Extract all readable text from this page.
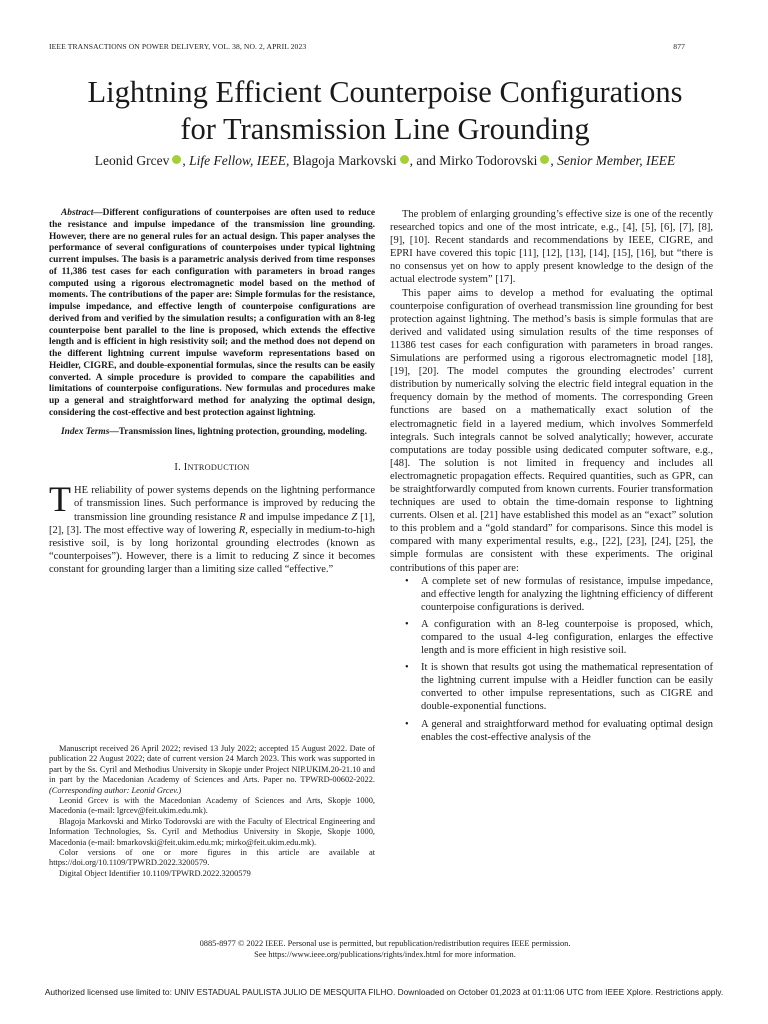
IEEE TRANSACTIONS ON POWER DELIVERY, VOL. 38, NO. 2, APRIL 2023	877
Lightning Efficient Counterpoise Configurations
for Transmission Line Grounding
Leonid Grcev , Life Fellow, IEEE, Blagoja Markovski , and Mirko Todorovski , Senior Member, IEEE

Abstract—Different configurations of counterpoises are often used to reduce the resistance and impulse impedance of the transmission line grounding. However, there are no general rules for an actual design. This paper analyses the performance of several configurations of counterpoises under typical lightning current impulses. The basis is a parametric analysis derived from time responses of 11,386 test cases for each configuration with parameters in broad ranges computed using a rigorous electromagnetic model based on the method of moments. The contributions of the paper are: Simple formulas for the resistance, impulse impedance, and effective length of counterpoise configurations are derived from and verified by the simulation results; a configuration with an 8-leg counterpoise bent parallel to the line is proposed, which extends the effective length and is efficient in high resistivity soil; and the method does not depend on the different lightning current impulse waveform representations based on Heidler, CIGRE, and double-exponential formulas, since the results can be easily converted. A simple procedure is provided to compare the capabilities and limitations of counterpoise configurations. New formulas and procedures make up a general and straightforward method for analyzing the optimal design, considering the cost-effective and best protection against lightning.

Index Terms—Transmission lines, lightning protection, grounding, modeling.

I. INTRODUCTION

THE reliability of power systems depends on the lightning performance of transmission lines. Such performance is improved by reducing the transmission line grounding resistance R and impulse impedance Z [1], [2], [3]. The most effective way of lowering R, especially in medium-to-high resistive soil, is by long horizontal grounding electrodes (known as “counterpoises”). However, there is a limit to reducing Z since it becomes constant for grounding larger than a limiting size called “effective.”

Manuscript received 26 April 2022; revised 13 July 2022; accepted 15 August 2022. Date of publication 22 August 2022; date of current version 24 March 2023. This work was supported in part by the Ss. Cyril and Methodius University in Skopje under Project NIP.UKIM.20-21.10 and in part by the Macedonian Academy of Sciences and Arts. Paper no. TPWRD-00602-2022. (Corresponding author: Leonid Grcev.)

Leonid Grcev is with the Macedonian Academy of Sciences and Arts, Skopje 1000, Macedonia (e-mail: lgrcev@feit.ukim.edu.mk).

Blagoja Markovski and Mirko Todorovski are with the Faculty of Electrical Engineering and Information Technologies, Ss. Cyril and Methodius University in Skopje, Skopje 1000, Macedonia (e-mail: bmarkovski@feit.ukim.edu.mk; mirko@feit.ukim.edu.mk).

Color versions of one or more figures in this article are available at https://doi.org/10.1109/TPWRD.2022.3200579.

Digital Object Identifier 10.1109/TPWRD.2022.3200579

The problem of enlarging grounding’s effective size is one of the recently researched topics and one of the most intricate, e.g., [4], [5], [6], [7], [8], [9], [10]. Recent standards and recommendations by IEEE, CIGRE, and EPRI have covered this topic [11], [12], [13], [14], [15], [16], but “there is no consensus yet on how to apply present knowledge to the design of the actual electrode system” [17].

This paper aims to develop a method for evaluating the optimal counterpoise configuration of overhead transmission line grounding for best protection against lightning. The method’s basis is simple formulas that are derived and validated using simulation results of the time responses of 11386 test cases for each configuration with parameters in broad ranges. Simulations are performed using a rigorous electromagnetic model [18], [19], [20]. The model computes the grounding electrodes’ current distribution by numerically solving the electric field integral equation in the frequency domain by the method of moments. The corresponding Green functions are based on a mathematically exact solution of the electromagnetic field in a layered medium, which involves Sommerfeld integrals. Such integrals cannot be solved analytically; however, accurate computations are today possible using dedicated computer software, e.g., [48]. The solution is not limited in frequency and includes all electromagnetic propagation effects. Required quantities, such as GPR, can be straightforwardly computed from known currents. Fourier transformation techniques are used to obtain the time-domain response to lightning currents. Olsen et al. [21] have established this model as an “exact” solution to this problem and a “gold standard” for comparisons. Since this model is compared with many experimental results, e.g., [22], [23], [24], [25], the simple formulas are consistent with these experiments. The original contributions of this paper are:

• A complete set of new formulas of resistance, impulse impedance, and effective length for analyzing the lightning efficiency of different counterpoise configurations is derived.
• A configuration with an 8-leg counterpoise is proposed, which, compared to the usual 4-leg configuration, enlarges the effective length and is more efficient in high resistive soil.
• It is shown that results got using the mathematical representation of the lightning current impulse with a Heidler function can be easily converted to other impulse representations, such as CIGRE and double-exponential functions.
• A general and straightforward method for evaluating optimal design enables the cost-effective analysis of the
0885-8977 © 2022 IEEE. Personal use is permitted, but republication/redistribution requires IEEE permission.
See https://www.ieee.org/publications/rights/index.html for more information.
Authorized licensed use limited to: UNIV ESTADUAL PAULISTA JULIO DE MESQUITA FILHO. Downloaded on October 01,2023 at 01:11:06 UTC from IEEE Xplore. Restrictions apply.
